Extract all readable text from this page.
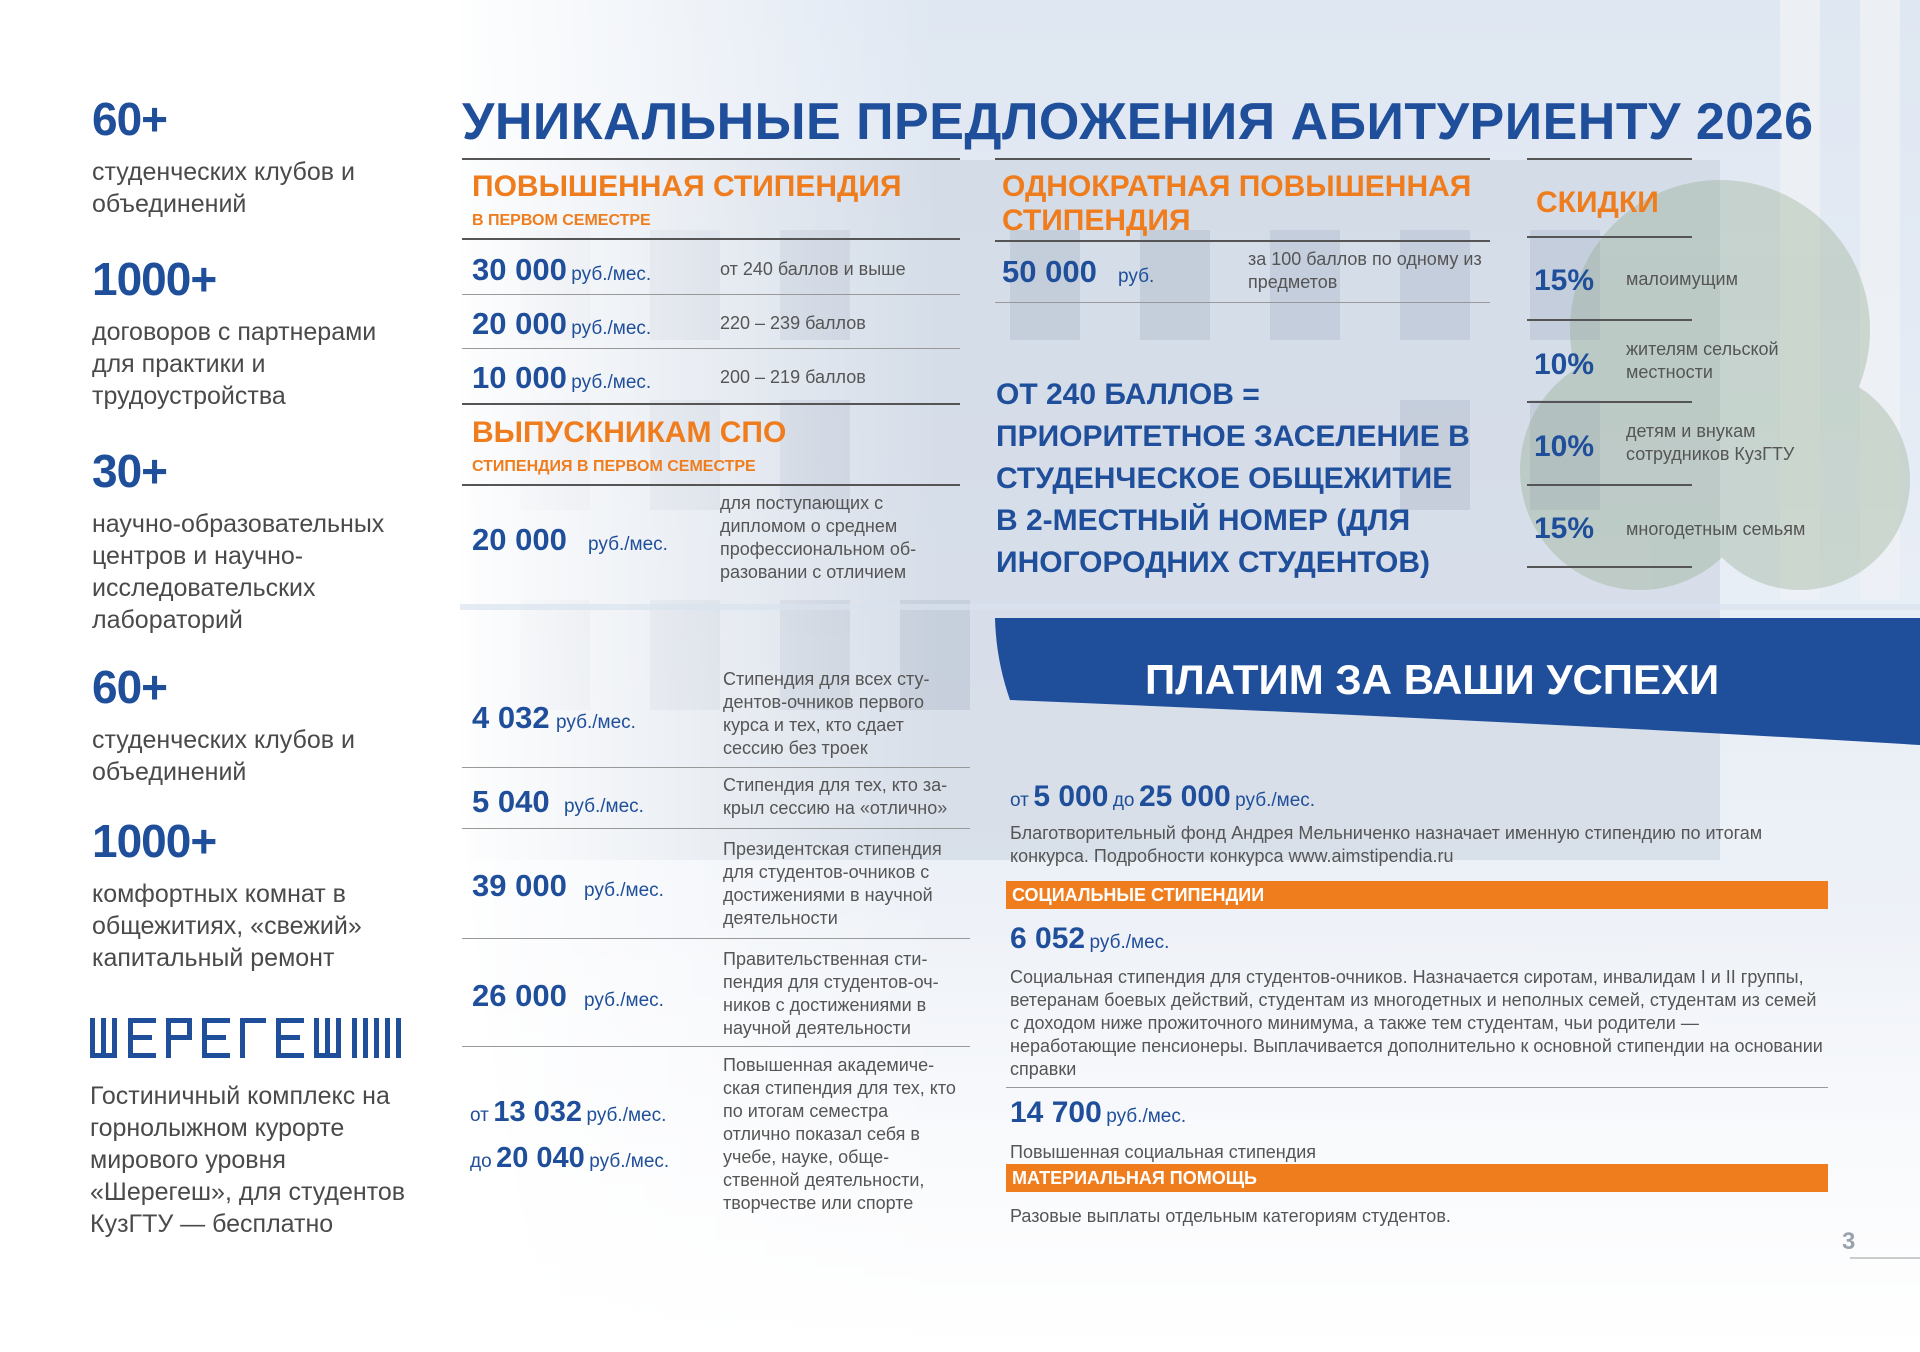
60+
студенческих клубов и объединений
1000+
договоров с партнерами для практики и трудоустройства
30+
научно-образовательных центров и научно-исследовательских лабораторий
60+
студенческих клубов и объединений
1000+
комфортных комнат в общежитиях, «свежий» капитальный ремонт
Гостиничный комплекс на горнолыжном курорте мирового уровня «Шерегеш», для студентов КузГТУ — бесплатно
УНИКАЛЬНЫЕ ПРЕДЛОЖЕНИЯ АБИТУРИЕНТУ 2026
ПОВЫШЕННАЯ СТИПЕНДИЯ
В ПЕРВОМ СЕМЕСТРЕ
30 000 руб./мес.	от 240 баллов и выше
20 000 руб./мес.	220 – 239 баллов
10 000 руб./мес.	200 – 219 баллов
ВЫПУСКНИКАМ СПО
СТИПЕНДИЯ В ПЕРВОМ СЕМЕСТРЕ
20 000 руб./мес.
для поступающих с дипломом о среднем профессиональном об-разовании с отличием
ОДНОКРАТНАЯ ПОВЫШЕННАЯ СТИПЕНДИЯ
50 000 руб.
за 100 баллов по одному из предметов
ОТ 240 БАЛЛОВ = ПРИОРИТЕТНОЕ ЗАСЕЛЕНИЕ В СТУДЕНЧЕСКОЕ ОБЩЕЖИТИЕ В 2-МЕСТНЫЙ НОМЕР (ДЛЯ ИНОГОРОДНИХ СТУДЕНТОВ)
СКИДКИ
15% малоимущим
10% жителям сельской местности
10% детям и внукам сотрудников КузГТУ
15% многодетным семьям
ПЛАТИМ ЗА ВАШИ УСПЕХИ
4 032 руб./мес.
Стипендия для всех сту-дентов-очников первого курса и тех, кто сдает сессию без троек
5 040 руб./мес.
Стипендия для тех, кто за-крыл сессию на «отлично»
39 000 руб./мес.
Президентская стипендия для студентов-очников с достижениями в научной деятельности
26 000 руб./мес.
Правительственная сти-пендия для студентов-оч-ников с достижениями в научной деятельности
от 13 032 руб./мес.
до 20 040 руб./мес.
Повышенная академиче-ская стипендия для тех, кто по итогам семестра отлично показал себя в учебе, науке, обще-ственной деятельности, творчестве или спорте
от 5 000 до 25 000 руб./мес.
Благотворительный фонд Андрея Мельниченко назначает именную стипендию по итогам конкурса. Подробности конкурса www.aimstipendia.ru
СОЦИАЛЬНЫЕ СТИПЕНДИИ
6 052 руб./мес.
Социальная стипендия для студентов-очников. Назначается сиротам, инвалидам I и II группы, ветеранам боевых действий, студентам из многодетных и неполных семей, студентам из семей с доходом ниже прожиточного минимума, а также тем студентам, чьи родители — неработающие пенсионеры. Выплачивается дополнительно к основной стипендии на основании справки
14 700 руб./мес.
Повышенная социальная стипендия
МАТЕРИАЛЬНАЯ ПОМОЩЬ
Разовые выплаты отдельным категориям студентов.
3
